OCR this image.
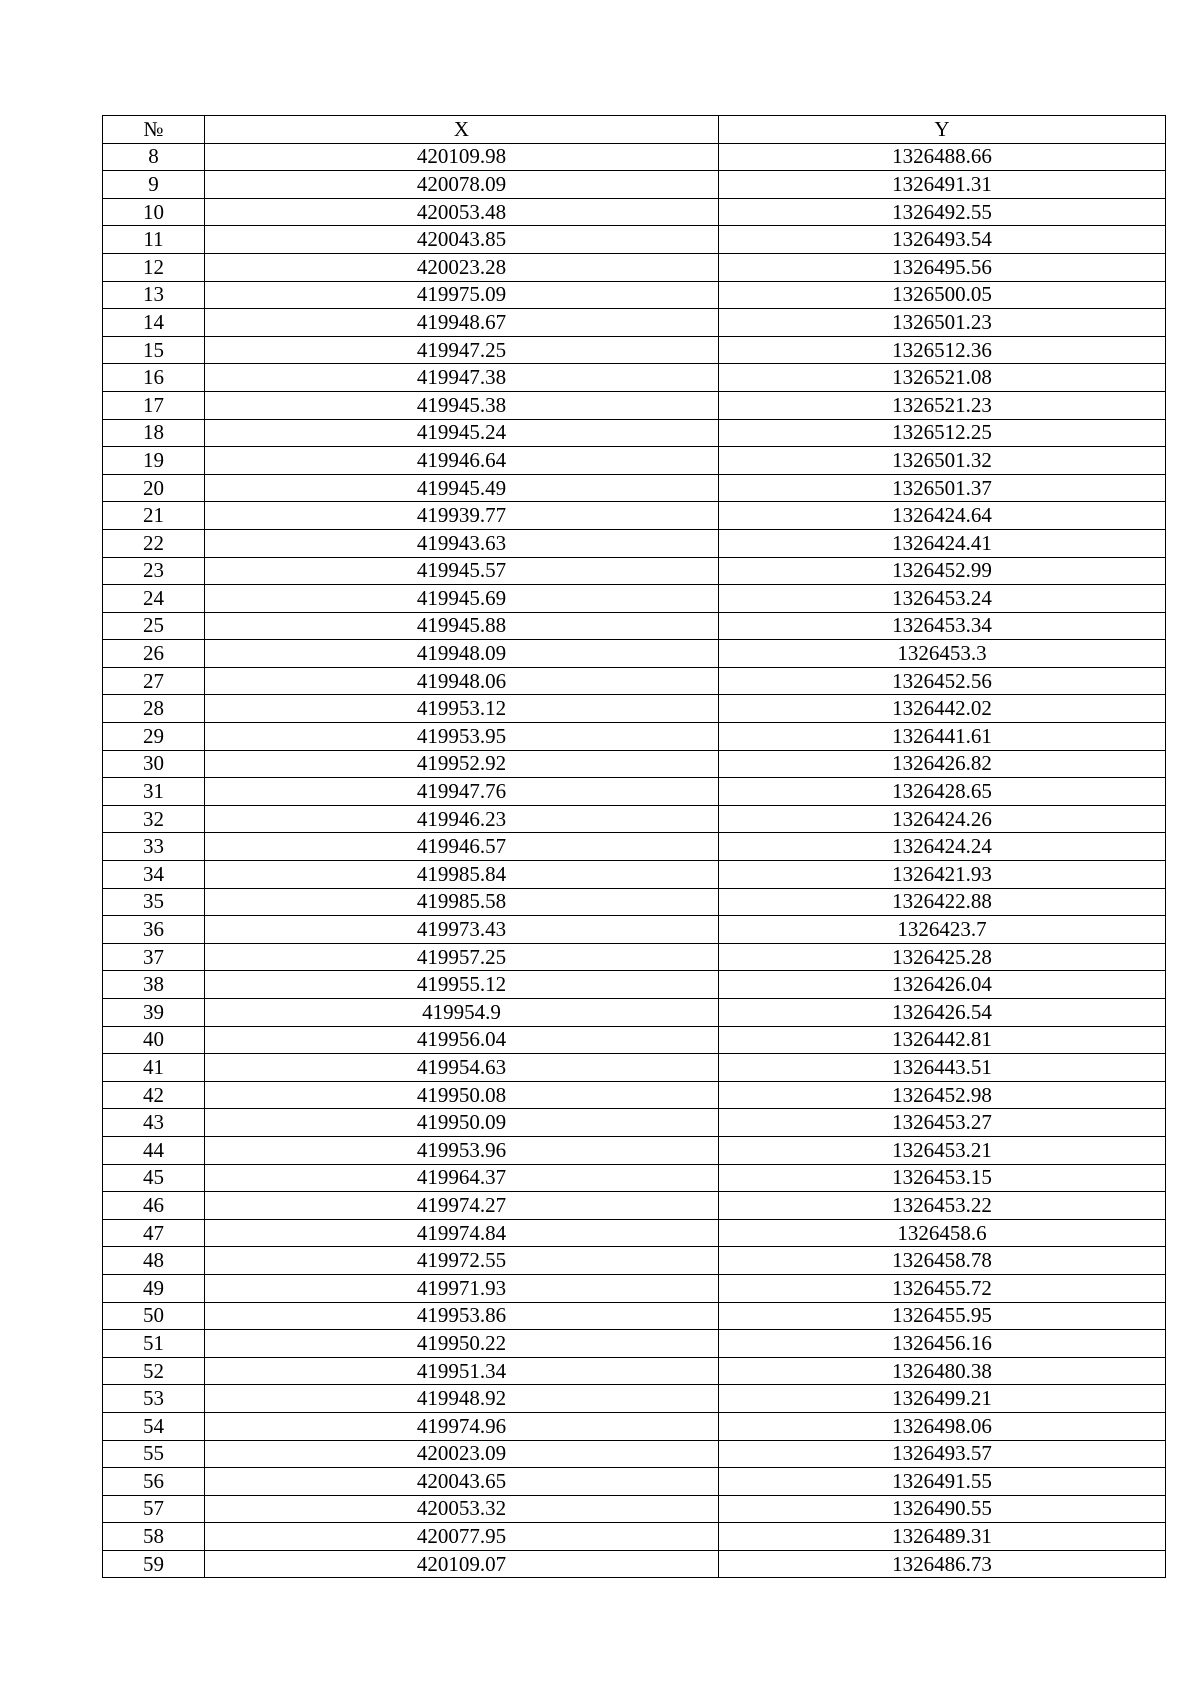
№	X	Y
8	420109.98	1326488.66
9	420078.09	1326491.31
10	420053.48	1326492.55
11	420043.85	1326493.54
12	420023.28	1326495.56
13	419975.09	1326500.05
14	419948.67	1326501.23
15	419947.25	1326512.36
16	419947.38	1326521.08
17	419945.38	1326521.23
18	419945.24	1326512.25
19	419946.64	1326501.32
20	419945.49	1326501.37
21	419939.77	1326424.64
22	419943.63	1326424.41
23	419945.57	1326452.99
24	419945.69	1326453.24
25	419945.88	1326453.34
26	419948.09	1326453.3
27	419948.06	1326452.56
28	419953.12	1326442.02
29	419953.95	1326441.61
30	419952.92	1326426.82
31	419947.76	1326428.65
32	419946.23	1326424.26
33	419946.57	1326424.24
34	419985.84	1326421.93
35	419985.58	1326422.88
36	419973.43	1326423.7
37	419957.25	1326425.28
38	419955.12	1326426.04
39	419954.9	1326426.54
40	419956.04	1326442.81
41	419954.63	1326443.51
42	419950.08	1326452.98
43	419950.09	1326453.27
44	419953.96	1326453.21
45	419964.37	1326453.15
46	419974.27	1326453.22
47	419974.84	1326458.6
48	419972.55	1326458.78
49	419971.93	1326455.72
50	419953.86	1326455.95
51	419950.22	1326456.16
52	419951.34	1326480.38
53	419948.92	1326499.21
54	419974.96	1326498.06
55	420023.09	1326493.57
56	420043.65	1326491.55
57	420053.32	1326490.55
58	420077.95	1326489.31
59	420109.07	1326486.73
